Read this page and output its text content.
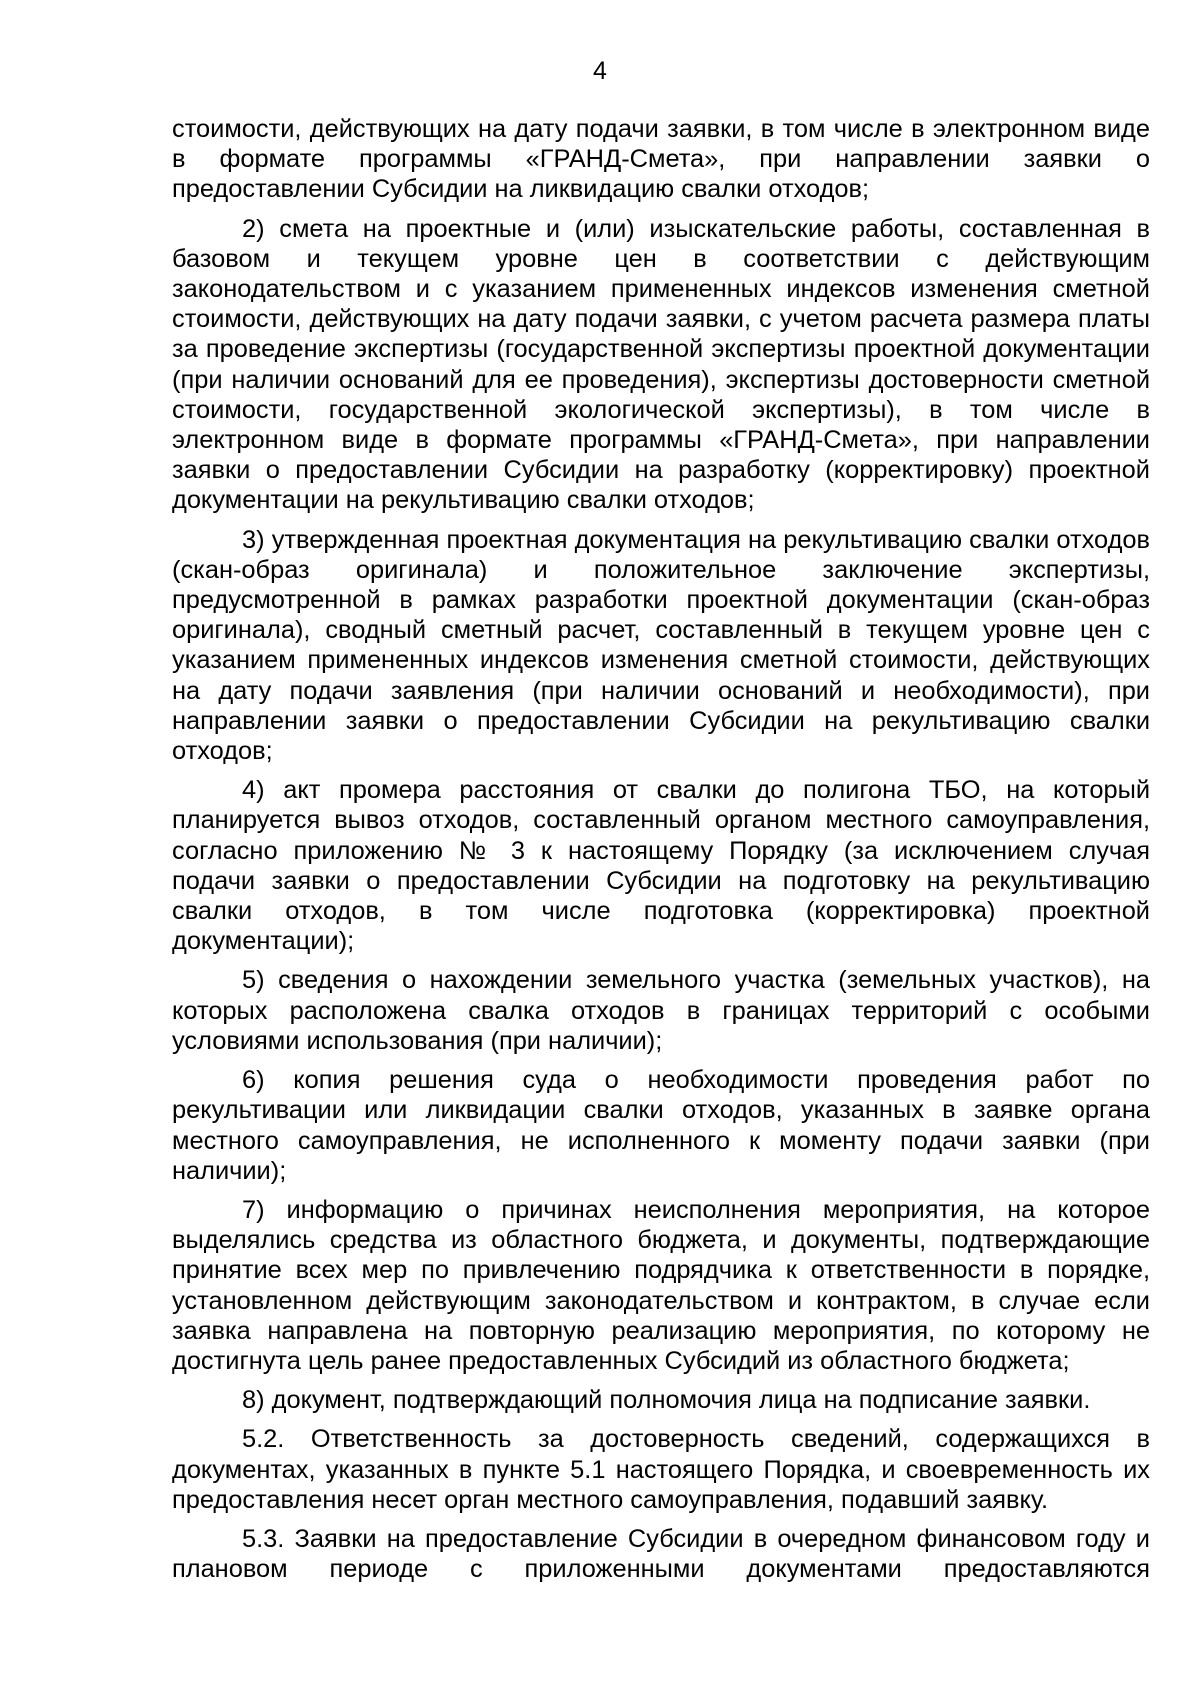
4

стоимости, действующих на дату подачи заявки, в том числе в электронном виде в формате программы «ГРАНД-Смета», при направлении заявки о предоставлении Субсидии на ликвидацию свалки отходов;

2) смета на проектные и (или) изыскательские работы, составленная в базовом и текущем уровне цен в соответствии с действующим законодательством и с указанием примененных индексов изменения сметной стоимости, действующих на дату подачи заявки, с учетом расчета размера платы за проведение экспертизы (государственной экспертизы проектной документации (при наличии оснований для ее проведения), экспертизы достоверности сметной стоимости, государственной экологической экспертизы), в том числе в электронном виде в формате программы «ГРАНД-Смета», при направлении заявки о предоставлении Субсидии на разработку (корректировку) проектной документации на рекультивацию свалки отходов;

3) утвержденная проектная документация на рекультивацию свалки отходов (скан-образ оригинала) и положительное заключение экспертизы, предусмотренной в рамках разработки проектной документации (скан-образ оригинала), сводный сметный расчет, составленный в текущем уровне цен с указанием примененных индексов изменения сметной стоимости, действующих на дату подачи заявления (при наличии оснований и необходимости), при направлении заявки о предоставлении Субсидии на рекультивацию свалки отходов;

4) акт промера расстояния от свалки до полигона ТБО, на который планируется вывоз отходов, составленный органом местного самоуправления, согласно приложению № 3 к настоящему Порядку (за исключением случая подачи заявки о предоставлении Субсидии на подготовку на рекультивацию свалки отходов, в том числе подготовка (корректировка) проектной документации);

5) сведения о нахождении земельного участка (земельных участков), на которых расположена свалка отходов в границах территорий с особыми условиями использования (при наличии);

6) копия решения суда о необходимости проведения работ по рекультивации или ликвидации свалки отходов, указанных в заявке органа местного самоуправления, не исполненного к моменту подачи заявки (при наличии);

7) информацию о причинах неисполнения мероприятия, на которое выделялись средства из областного бюджета, и документы, подтверждающие принятие всех мер по привлечению подрядчика к ответственности в порядке, установленном действующим законодательством и контрактом, в случае если заявка направлена на повторную реализацию мероприятия, по которому не достигнута цель ранее предоставленных Субсидий из областного бюджета;

8) документ, подтверждающий полномочия лица на подписание заявки.

5.2. Ответственность за достоверность сведений, содержащихся в документах, указанных в пункте 5.1 настоящего Порядка, и своевременность их предоставления несет орган местного самоуправления, подавший заявку.

5.3. Заявки на предоставление Субсидии в очередном финансовом году и плановом периоде с приложенными документами предоставляются
